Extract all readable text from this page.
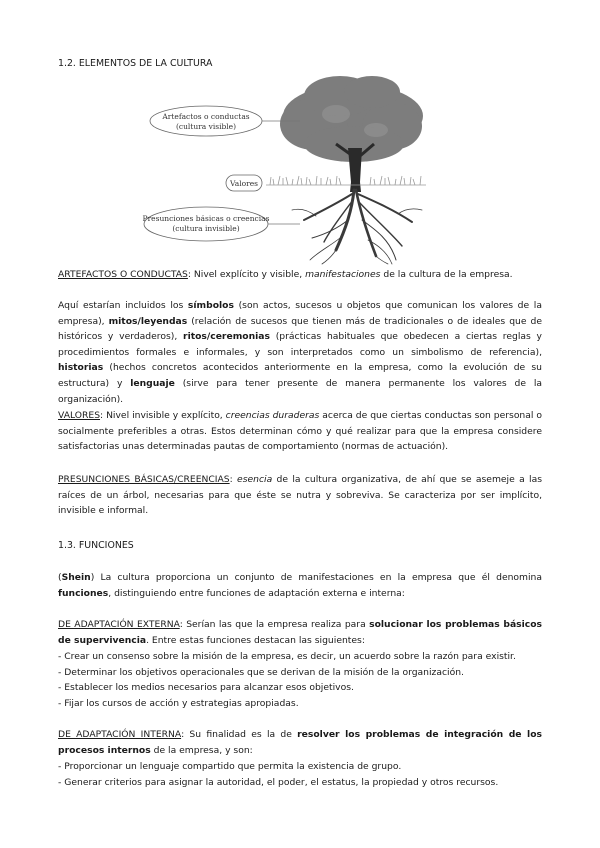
1.2. ELEMENTOS DE LA CULTURA
Artefactos o conductas
(cultura visible)
Valores
Presunciones básicas o creencias
(cultura invisible)
ARTEFACTOS O CONDUCTAS: Nivel explícito y visible, manifestaciones de la cultura de la empresa.
Aquí estarían incluidos los símbolos (son actos, sucesos u objetos que comunican los valores de la empresa), mitos/leyendas (relación de sucesos que tienen más de tradicionales o de ideales que de históricos y verdaderos), ritos/ceremonias (prácticas habituales que obedecen a ciertas reglas y procedimientos formales e informales, y son interpretados como un simbolismo de referencia), historias (hechos concretos acontecidos anteriormente en la empresa, como la evolución de su estructura) y lenguaje (sirve para tener presente de manera permanente los valores de la organización).
VALORES: Nivel invisible y explícito, creencias duraderas acerca de que ciertas conductas son personal o socialmente preferibles a otras. Estos determinan cómo y qué realizar para que la empresa considere satisfactorias unas determinadas pautas de comportamiento (normas de actuación).
PRESUNCIONES BÁSICAS/CREENCIAS: esencia de la cultura organizativa, de ahí que se asemeje a las raíces de un árbol, necesarias para que éste se nutra y sobreviva. Se caracteriza por ser implícito, invisible e informal.
1.3. FUNCIONES
(Shein) La cultura proporciona un conjunto de manifestaciones en la empresa que él denomina funciones, distinguiendo entre funciones de adaptación externa e interna:
DE ADAPTACIÓN EXTERNA: Serían las que la empresa realiza para solucionar los problemas básicos de supervivencia. Entre estas funciones destacan las siguientes:
- Crear un consenso sobre la misión de la empresa, es decir, un acuerdo sobre la razón para existir.
- Determinar los objetivos operacionales que se derivan de la misión de la organización.
- Establecer los medios necesarios para alcanzar esos objetivos.
- Fijar los cursos de acción y estrategias apropiadas.
DE ADAPTACIÓN INTERNA: Su finalidad es la de resolver los problemas de integración de los procesos internos de la empresa, y son:
- Proporcionar un lenguaje compartido que permita la existencia de grupo.
- Generar criterios para asignar la autoridad, el poder, el estatus, la propiedad y otros recursos.
